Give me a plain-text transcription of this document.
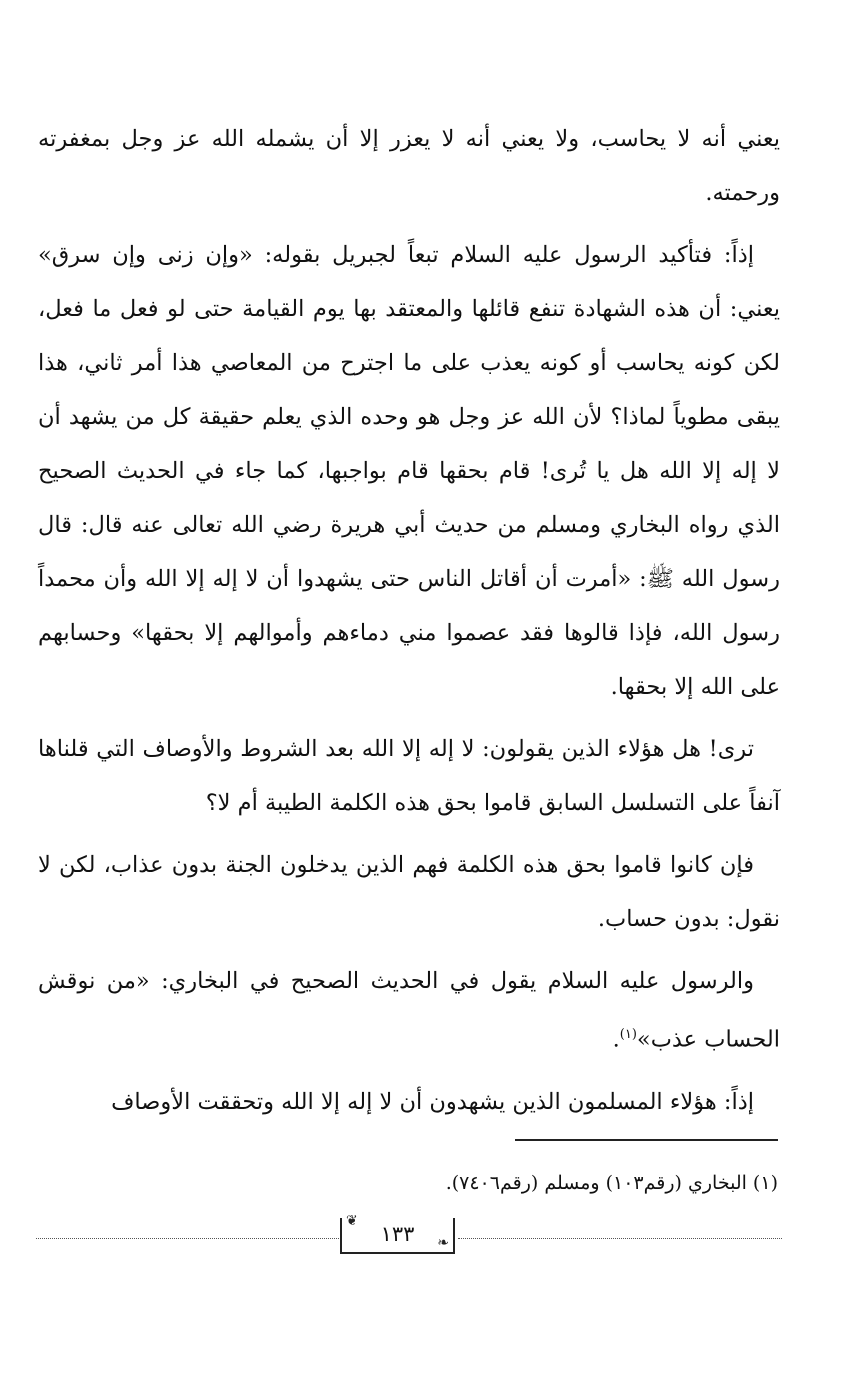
يعني أنه لا يحاسب، ولا يعني أنه لا يعزر إلا أن يشمله الله عز وجل بمغفرته ورحمته.

إذاً: فتأكيد الرسول عليه السلام تبعاً لجبريل بقوله: «وإن زنى وإن سرق» يعني: أن هذه الشهادة تنفع قائلها والمعتقد بها يوم القيامة حتى لو فعل ما فعل، لكن كونه يحاسب أو كونه يعذب على ما اجترح من المعاصي هذا أمر ثاني، هذا يبقى مطوياً لماذا؟ لأن الله عز وجل هو وحده الذي يعلم حقيقة كل من يشهد أن لا إله إلا الله هل يا تُرى! قام بحقها قام بواجبها، كما جاء في الحديث الصحيح الذي رواه البخاري ومسلم من حديث أبي هريرة رضي الله تعالى عنه قال: قال رسول الله ﷺ: «أمرت أن أقاتل الناس حتى يشهدوا أن لا إله إلا الله وأن محمداً رسول الله، فإذا قالوها فقد عصموا مني دماءهم وأموالهم إلا بحقها» وحسابهم على الله إلا بحقها.

ترى! هل هؤلاء الذين يقولون: لا إله إلا الله بعد الشروط والأوصاف التي قلناها آنفاً على التسلسل السابق قاموا بحق هذه الكلمة الطيبة أم لا؟

فإن كانوا قاموا بحق هذه الكلمة فهم الذين يدخلون الجنة بدون عذاب، لكن لا نقول: بدون حساب.

والرسول عليه السلام يقول في الحديث الصحيح في البخاري: «من نوقش الحساب عذب»$^{(١)}$.

إذاً: هؤلاء المسلمون الذين يشهدون أن لا إله إلا الله وتحققت الأوصاف

(١) البخاري (رقم١٠٣) ومسلم (رقم٧٤٠٦).
❦
١٣٣	❧
